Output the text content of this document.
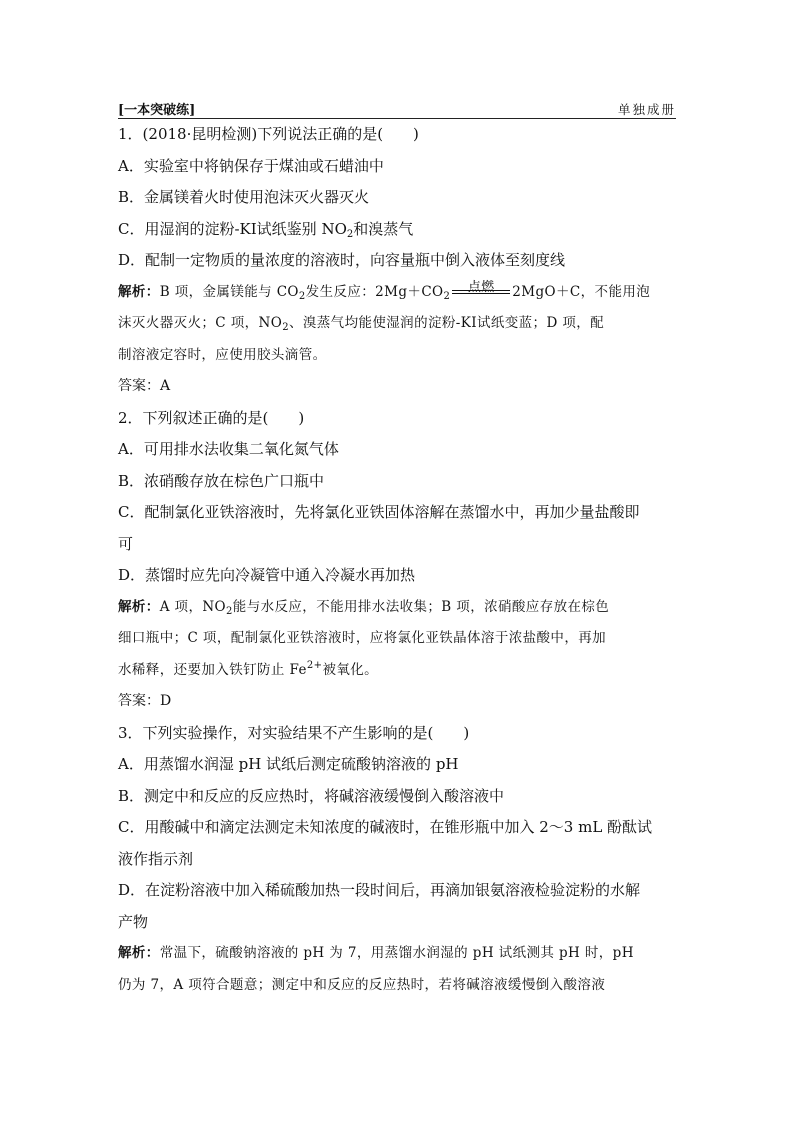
[一本突破练]	单独成册
1．(2018·昆明检测)下列说法正确的是(　　)
A．实验室中将钠保存于煤油或石蜡油中
B．金属镁着火时使用泡沫灭火器灭火
C．用湿润的淀粉-KI试纸鉴别 $NO_2$和溴蒸气
D．配制一定物质的量浓度的溶液时，向容量瓶中倒入液体至刻度线
解析：B 项，金属镁能与 $CO_2$发生反应：$2Mg+CO_2$
点燃	2MgO＋C，不能用泡
沫灭火器灭火；C 项，$NO_2$、溴蒸气均能使湿润的淀粉-KI试纸变蓝；D 项，配
制溶液定容时，应使用胶头滴管。
答案：A
2．下列叙述正确的是(　　)
A．可用排水法收集二氧化氮气体
B．浓硝酸存放在棕色广口瓶中
C．配制氯化亚铁溶液时，先将氯化亚铁固体溶解在蒸馏水中，再加少量盐酸即
可
D．蒸馏时应先向冷凝管中通入冷凝水再加热
解析：A 项，$NO_2$能与水反应，不能用排水法收集；B 项，浓硝酸应存放在棕色
细口瓶中；C 项，配制氯化亚铁溶液时，应将氯化亚铁晶体溶于浓盐酸中，再加
水稀释，还要加入铁钉防止 $Fe^{2+}$被氧化。
答案：D
3．下列实验操作，对实验结果不产生影响的是(　　)
A．用蒸馏水润湿 pH 试纸后测定硫酸钠溶液的 pH
B．测定中和反应的反应热时，将碱溶液缓慢倒入酸溶液中
C．用酸碱中和滴定法测定未知浓度的碱液时，在锥形瓶中加入 2～3 mL 酚酞试
液作指示剂
D．在淀粉溶液中加入稀硫酸加热一段时间后，再滴加银氨溶液检验淀粉的水解
产物
解析：常温下，硫酸钠溶液的 pH 为 7，用蒸馏水润湿的 pH 试纸测其 pH 时，pH
仍为 7，A 项符合题意；测定中和反应的反应热时，若将碱溶液缓慢倒入酸溶液
